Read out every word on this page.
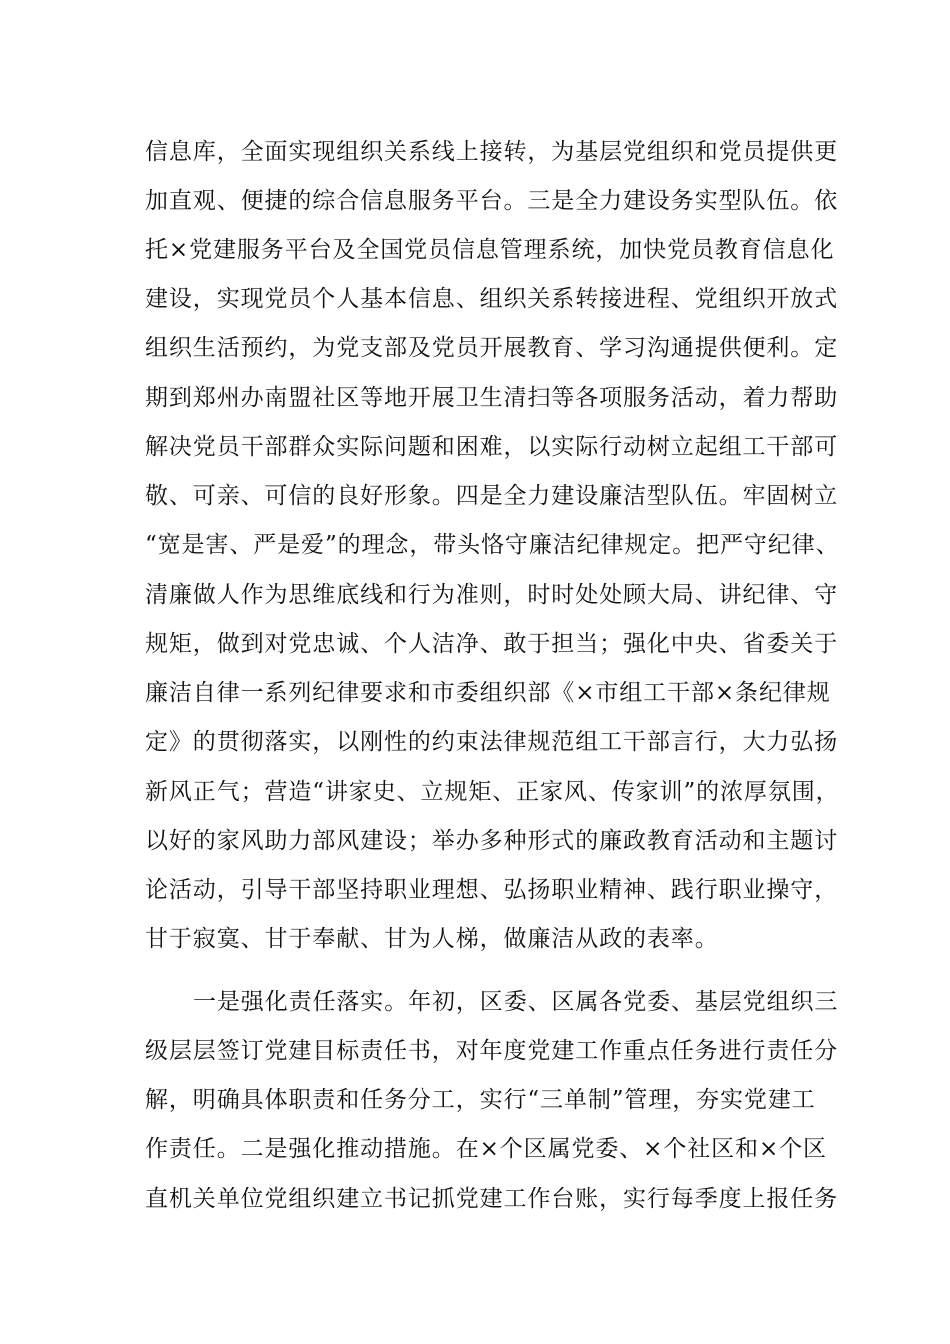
信息库，全面实现组织关系线上接转，为基层党组织和党员提供更
加直观、便捷的综合信息服务平台。三是全力建设务实型队伍。依
托×党建服务平台及全国党员信息管理系统，加快党员教育信息化
建设，实现党员个人基本信息、组织关系转接进程、党组织开放式
组织生活预约，为党支部及党员开展教育、学习沟通提供便利。定
期到郑州办南盟社区等地开展卫生清扫等各项服务活动，着力帮助
解决党员干部群众实际问题和困难，以实际行动树立起组工干部可
敬、可亲、可信的良好形象。四是全力建设廉洁型队伍。牢固树立
“宽是害、严是爱”的理念，带头恪守廉洁纪律规定。把严守纪律、
清廉做人作为思维底线和行为准则，时时处处顾大局、讲纪律、守
规矩，做到对党忠诚、个人洁净、敢于担当；强化中央、省委关于
廉洁自律一系列纪律要求和市委组织部《×市组工干部×条纪律规
定》的贯彻落实，以刚性的约束法律规范组工干部言行，大力弘扬
新风正气；营造“讲家史、立规矩、正家风、传家训”的浓厚氛围，
以好的家风助力部风建设；举办多种形式的廉政教育活动和主题讨
论活动，引导干部坚持职业理想、弘扬职业精神、践行职业操守，
甘于寂寞、甘于奉献、甘为人梯，做廉洁从政的表率。
一是强化责任落实。年初，区委、区属各党委、基层党组织三
级层层签订党建目标责任书，对年度党建工作重点任务进行责任分
解，明确具体职责和任务分工，实行“三单制”管理，夯实党建工
作责任。二是强化推动措施。在×个区属党委、×个社区和×个区
直机关单位党组织建立书记抓党建工作台账，实行每季度上报任务
